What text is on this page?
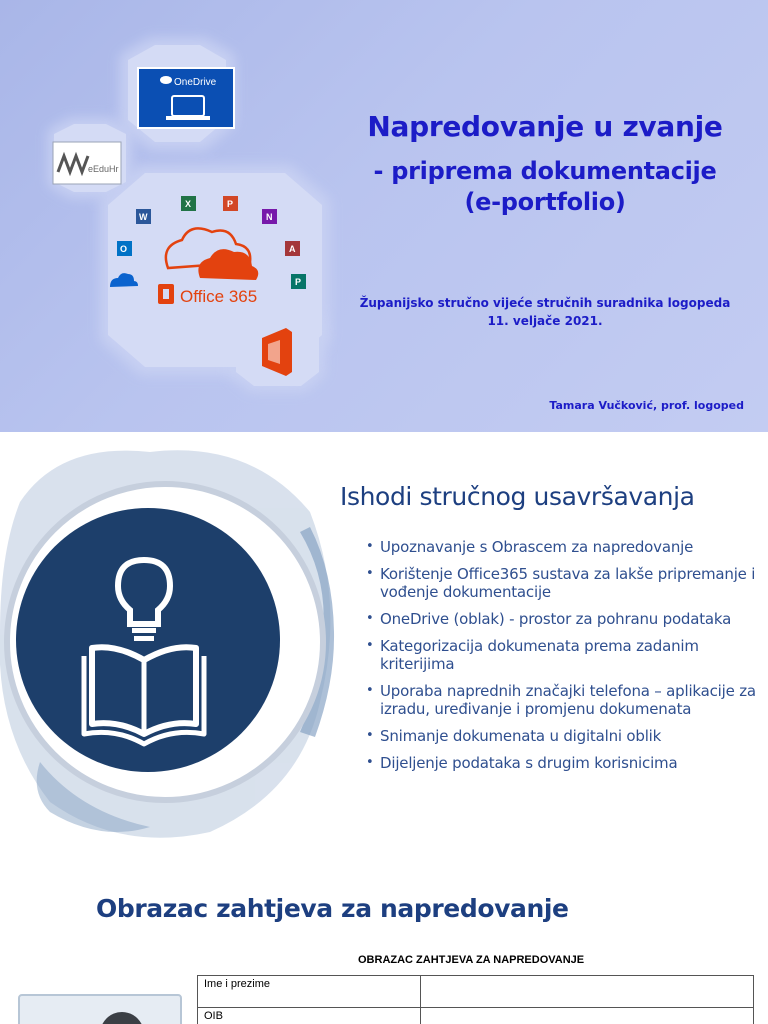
OneDrive
eEduHr
W
X	P
N
O	A
P
Office 365
Napredovanje u zvanje
- priprema dokumentacije
(e-portfolio)
Županijsko stručno vijeće stručnih suradnika logopeda
11. veljače 2021.
Tamara Vučković, prof. logoped
Ishodi stručnog usavršavanja
• Upoznavanje s Obrascem za napredovanje
• Korištenje Office365 sustava za lakše pripremanje i vođenje dokumentacije
• OneDrive (oblak) - prostor za pohranu podataka
• Kategorizacija dokumenata prema zadanim kriterijima
• Uporaba naprednih značajki telefona – aplikacije za izradu, uređivanje i promjenu dokumenata
• Snimanje dokumenata u digitalni oblik
• Dijeljenje podataka s drugim korisnicima
Obrazac zahtjeva za napredovanje
OBRAZAC ZAHTJEVA ZA NAPREDOVANJE
Ime i prezime	
OIB	
